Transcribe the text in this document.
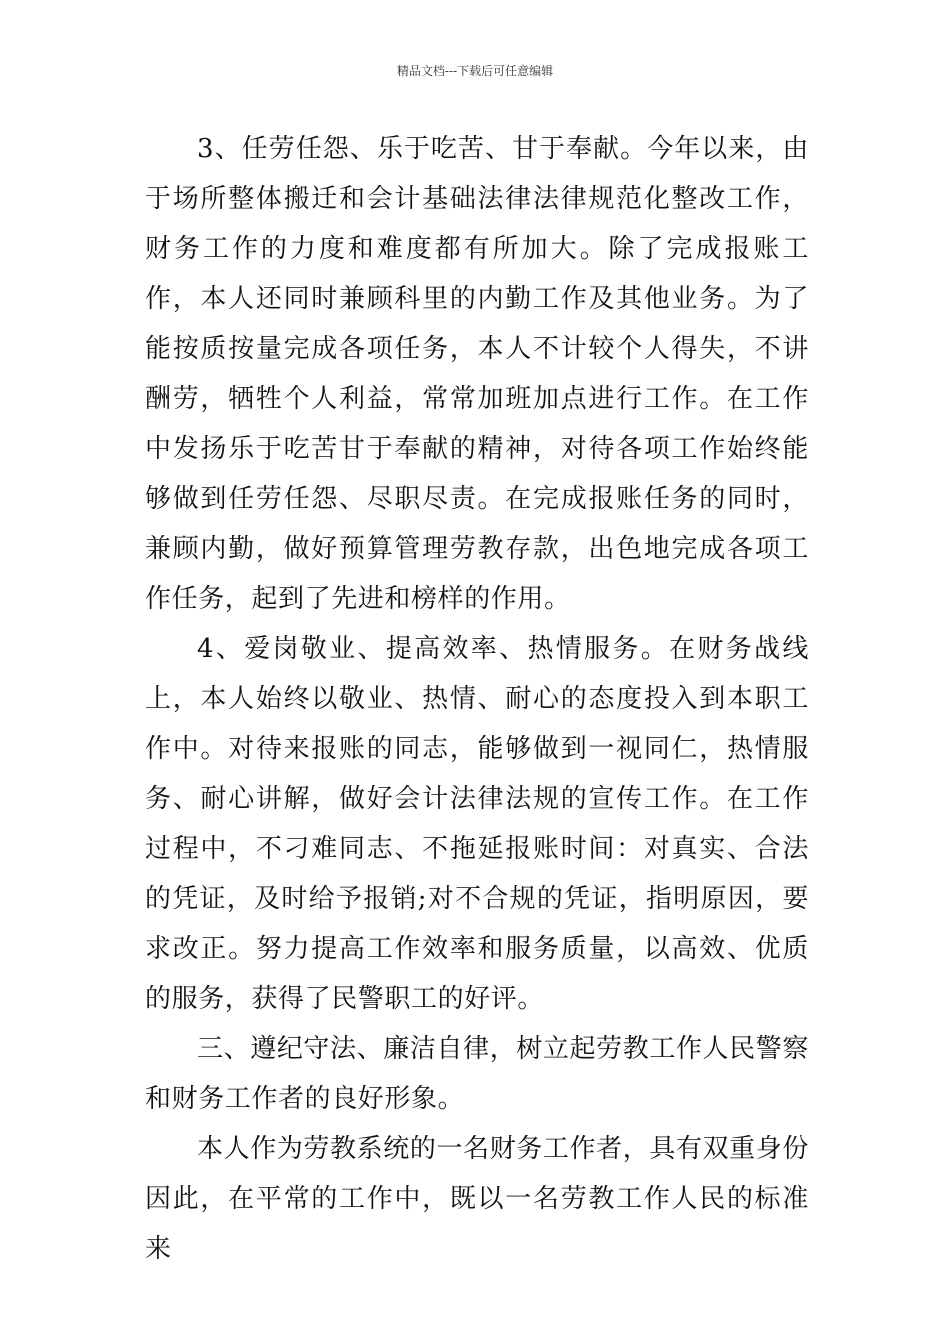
精品文档---下载后可任意编辑

3、任劳任怨、乐于吃苦、甘于奉献。今年以来，由于场所整体搬迁和会计基础法律法律规范化整改工作，财务工作的力度和难度都有所加大。除了完成报账工作，本人还同时兼顾科里的内勤工作及其他业务。为了能按质按量完成各项任务，本人不计较个人得失，不讲酬劳，牺牲个人利益，常常加班加点进行工作。在工作中发扬乐于吃苦甘于奉献的精神，对待各项工作始终能够做到任劳任怨、尽职尽责。在完成报账任务的同时，兼顾内勤，做好预算管理劳教存款，出色地完成各项工作任务，起到了先进和榜样的作用。

4、爱岗敬业、提高效率、热情服务。在财务战线上，本人始终以敬业、热情、耐心的态度投入到本职工作中。对待来报账的同志，能够做到一视同仁，热情服务、耐心讲解，做好会计法律法规的宣传工作。在工作过程中，不刁难同志、不拖延报账时间：对真实、合法的凭证，及时给予报销;对不合规的凭证，指明原因，要求改正。努力提高工作效率和服务质量，以高效、优质的服务，获得了民警职工的好评。

三、遵纪守法、廉洁自律，树立起劳教工作人民警察和财务工作者的良好形象。

本人作为劳教系统的一名财务工作者，具有双重身份因此，在平常的工作中，既以一名劳教工作人民的标准来
